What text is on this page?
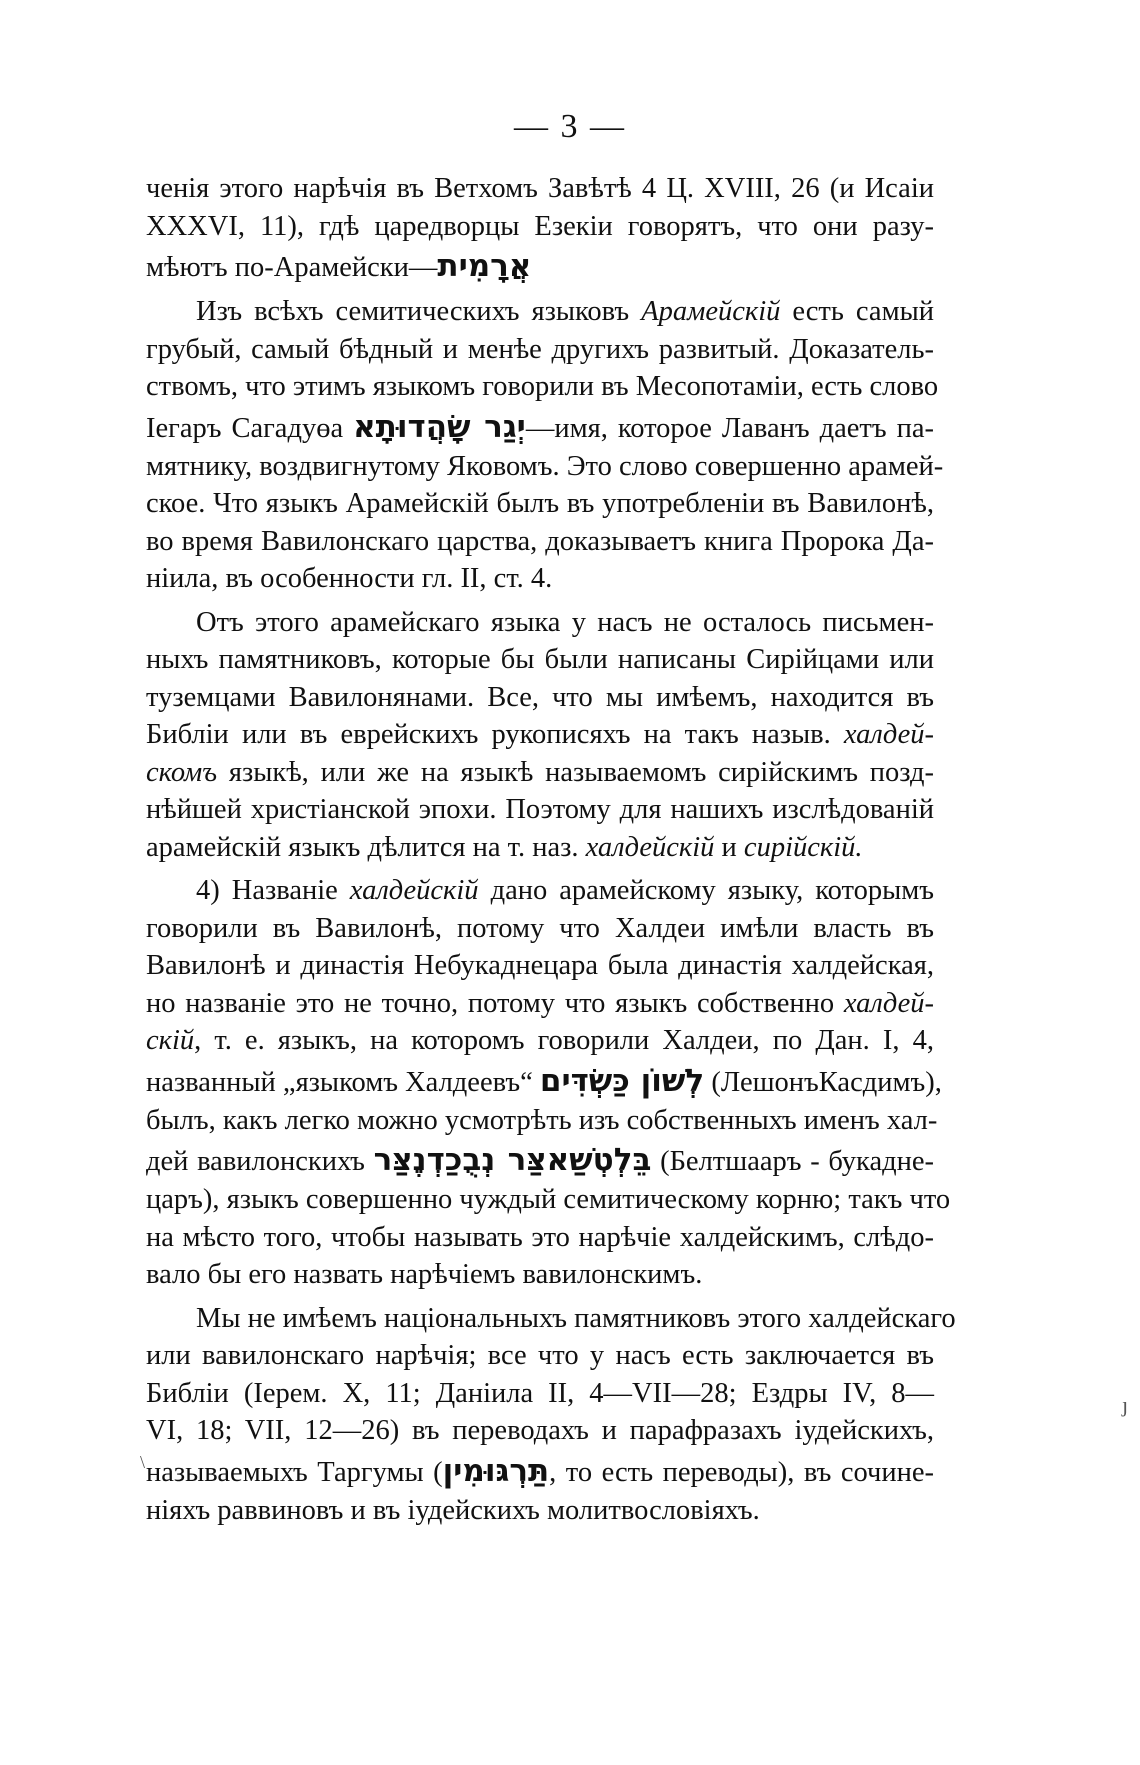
— 3 —
ченія этого нарѣчія въ Ветхомъ Завѣтѣ 4 Ц. XVIII, 26 (и Исаіи
XXXVI, 11), гдѣ царедворцы Езекіи говорятъ, что они разу-
мѣютъ по-Арамейски—אֲרָמִית
Изъ всѣхъ семитическихъ языковъ Арамейскій есть самый
грубый, самый бѣдный и менѣе другихъ развитый. Доказатель-
ствомъ, что этимъ языкомъ говорили въ Месопотаміи, есть слово
Іегаръ Сагадуөа יְגַר שָׂהֲדוּתָא—имя, которое Лаванъ даетъ па-
мятнику, воздвигнутому Яковомъ. Это слово совершенно арамей-
ское. Что языкъ Арамейскій былъ въ употребленіи въ Вавилонѣ,
во время Вавилонскаго царства, доказываетъ книга Пророка Да-
ніила, въ особенности гл. II, ст. 4.
Отъ этого арамейскаго языка у насъ не осталось письмен-
ныхъ памятниковъ, которые бы были написаны Сирійцами или
туземцами Вавилонянами. Все, что мы имѣемъ, находится въ
Библіи или въ еврейскихъ рукописяхъ на такъ назыв. халдей-
скомъ языкѣ, или же на языкѣ называемомъ сирійскимъ позд-
нѣйшей христіанской эпохи. Поэтому для нашихъ изслѣдованій
арамейскій языкъ дѣлится на т. наз. халдейскій и сирійскій.
4) Названіе халдейскій дано арамейскому языку, которымъ
говорили въ Вавилонѣ, потому что Халдеи имѣли власть въ
Вавилонѣ и династія Небукаднецара была династія халдейская,
но названіе это не точно, потому что языкъ собственно халдей-
скій, т. е. языкъ, на которомъ говорили Халдеи, по Дан. I, 4,
названный „языкомъ Халдеевъ“ לְשׁוֹן כַּשְׂדִּים (ЛешонъКасдимъ),
былъ, какъ легко можно усмотрѣть изъ собственныхъ именъ хал-
дей вавилонскихъ בֵּלְטְשַׁאצַּר נְבֻכַדְנֶצַּר (Белтшааръ - букадне-
царъ), языкъ совершенно чуждый семитическому корню; такъ что
на мѣсто того, чтобы называть это нарѣчіе халдейскимъ, слѣдо-
вало бы его назвать нарѣчіемъ вавилонскимъ.
Мы не имѣемъ національныхъ памятниковъ этого халдейскаго
или вавилонскаго нарѣчія; все что у насъ есть заключается въ
Библіи (Іерем. X, 11; Даніила II, 4—VII—28; Ездры IV, 8—
VI, 18; VII, 12—26) въ переводахъ и парафразахъ іудейскихъ,
называемыхъ Таргумы (תַּרְגּוּמִין, то есть переводы), въ сочине-
ніяхъ раввиновъ и въ іудейскихъ молитвословіяхъ.
ȷ
\
